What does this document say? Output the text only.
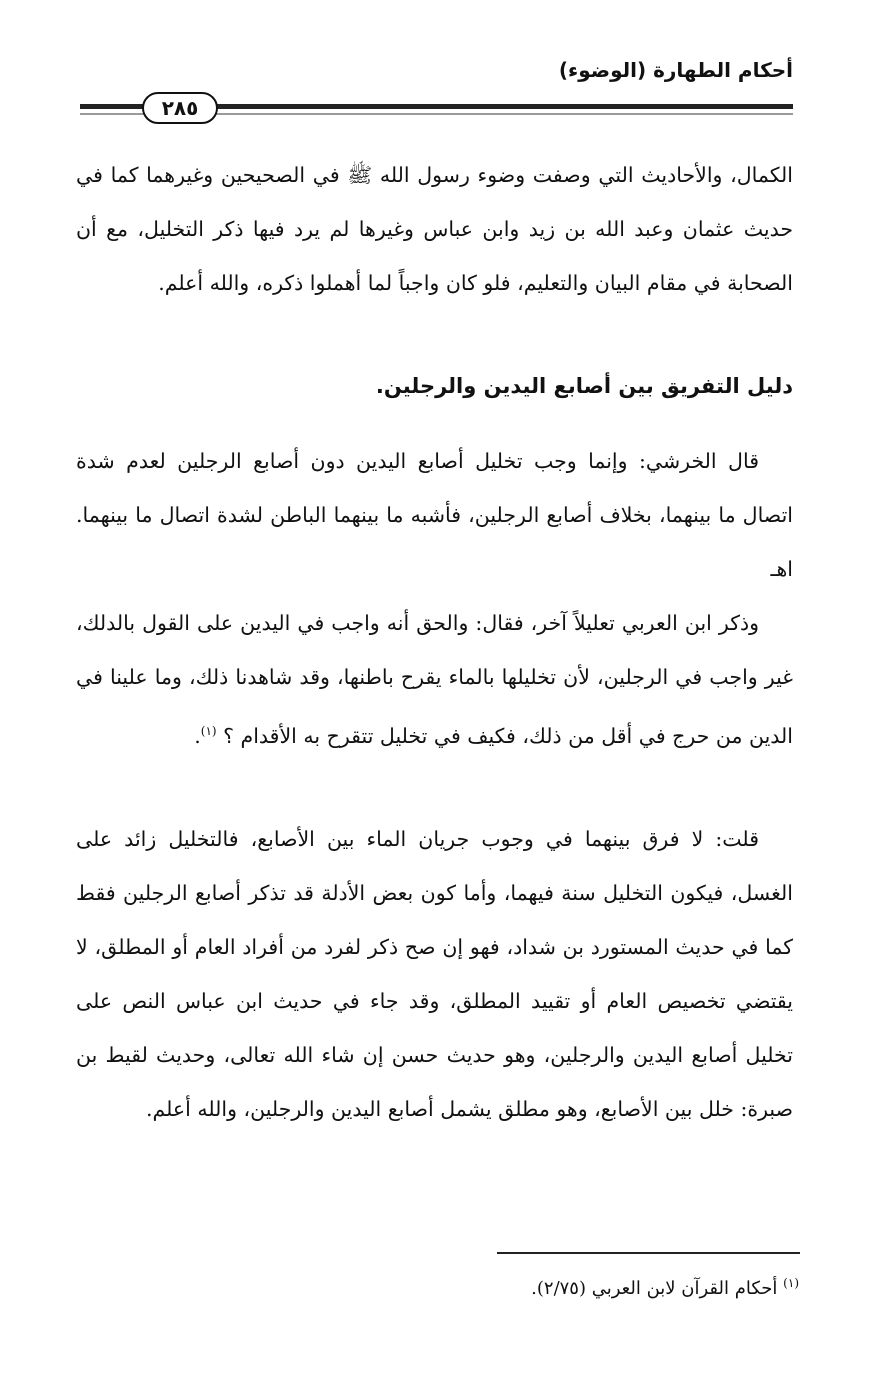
أحكام الطهارة (الوضوء)
٢٨٥
الكمال، والأحاديث التي وصفت وضوء رسول الله ﷺ في الصحيحين وغيرهما كما في حديث عثمان وعبد الله بن زيد وابن عباس وغيرها لم يرد فيها ذكر التخليل، مع أن الصحابة في مقام البيان والتعليم، فلو كان واجباً لما أهملوا ذكره، والله أعلم.
دليل التفريق بين أصابع اليدين والرجلين.
قال الخرشي: وإنما وجب تخليل أصابع اليدين دون أصابع الرجلين لعدم شدة اتصال ما بينهما، بخلاف أصابع الرجلين، فأشبه ما بينهما الباطن لشدة اتصال ما بينهما. اهـ
وذكر ابن العربي تعليلاً آخر، فقال: والحق أنه واجب في اليدين على القول بالدلك، غير واجب في الرجلين، لأن تخليلها بالماء يقرح باطنها، وقد شاهدنا ذلك، وما علينا في الدين من حرج في أقل من ذلك، فكيف في تخليل تتقرح به الأقدام ؟ $^{(١)}$.
قلت: لا فرق بينهما في وجوب جريان الماء بين الأصابع، فالتخليل زائد على الغسل، فيكون التخليل سنة فيهما، وأما كون بعض الأدلة قد تذكر أصابع الرجلين فقط كما في حديث المستورد بن شداد، فهو إن صح ذكر لفرد من أفراد العام أو المطلق، لا يقتضي تخصيص العام أو تقييد المطلق، وقد جاء في حديث ابن عباس النص على تخليل أصابع اليدين والرجلين، وهو حديث حسن إن شاء الله تعالى، وحديث لقيط بن صبرة: خلل بين الأصابع، وهو مطلق يشمل أصابع اليدين والرجلين، والله أعلم.
$^{(١)}$ أحكام القرآن لابن العربي (٢/٧٥).
